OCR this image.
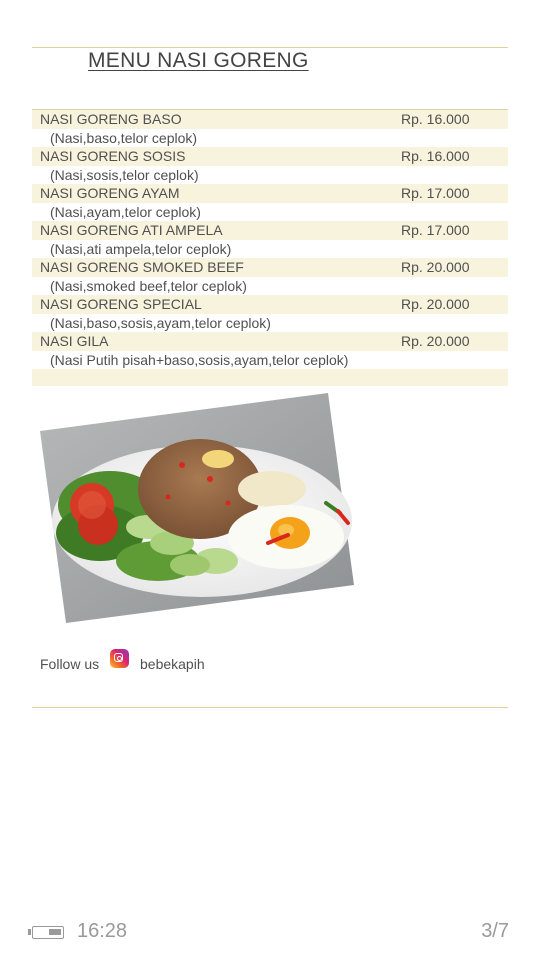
MENU NASI GORENG
NASI GORENG BASO	Rp. 16.000
(Nasi,baso,telor ceplok)
NASI GORENG SOSIS	Rp. 16.000
(Nasi,sosis,telor ceplok)
NASI GORENG AYAM	Rp. 17.000
(Nasi,ayam,telor ceplok)
NASI GORENG ATI AMPELA	Rp. 17.000
(Nasi,ati ampela,telor ceplok)
NASI GORENG SMOKED BEEF	Rp. 20.000
(Nasi,smoked beef,telor ceplok)
NASI GORENG SPECIAL	Rp. 20.000
(Nasi,baso,sosis,ayam,telor ceplok)
NASI GILA	Rp. 20.000
(Nasi Putih pisah+baso,sosis,ayam,telor ceplok)
Follow us	bebekapih
16:28	3/7
